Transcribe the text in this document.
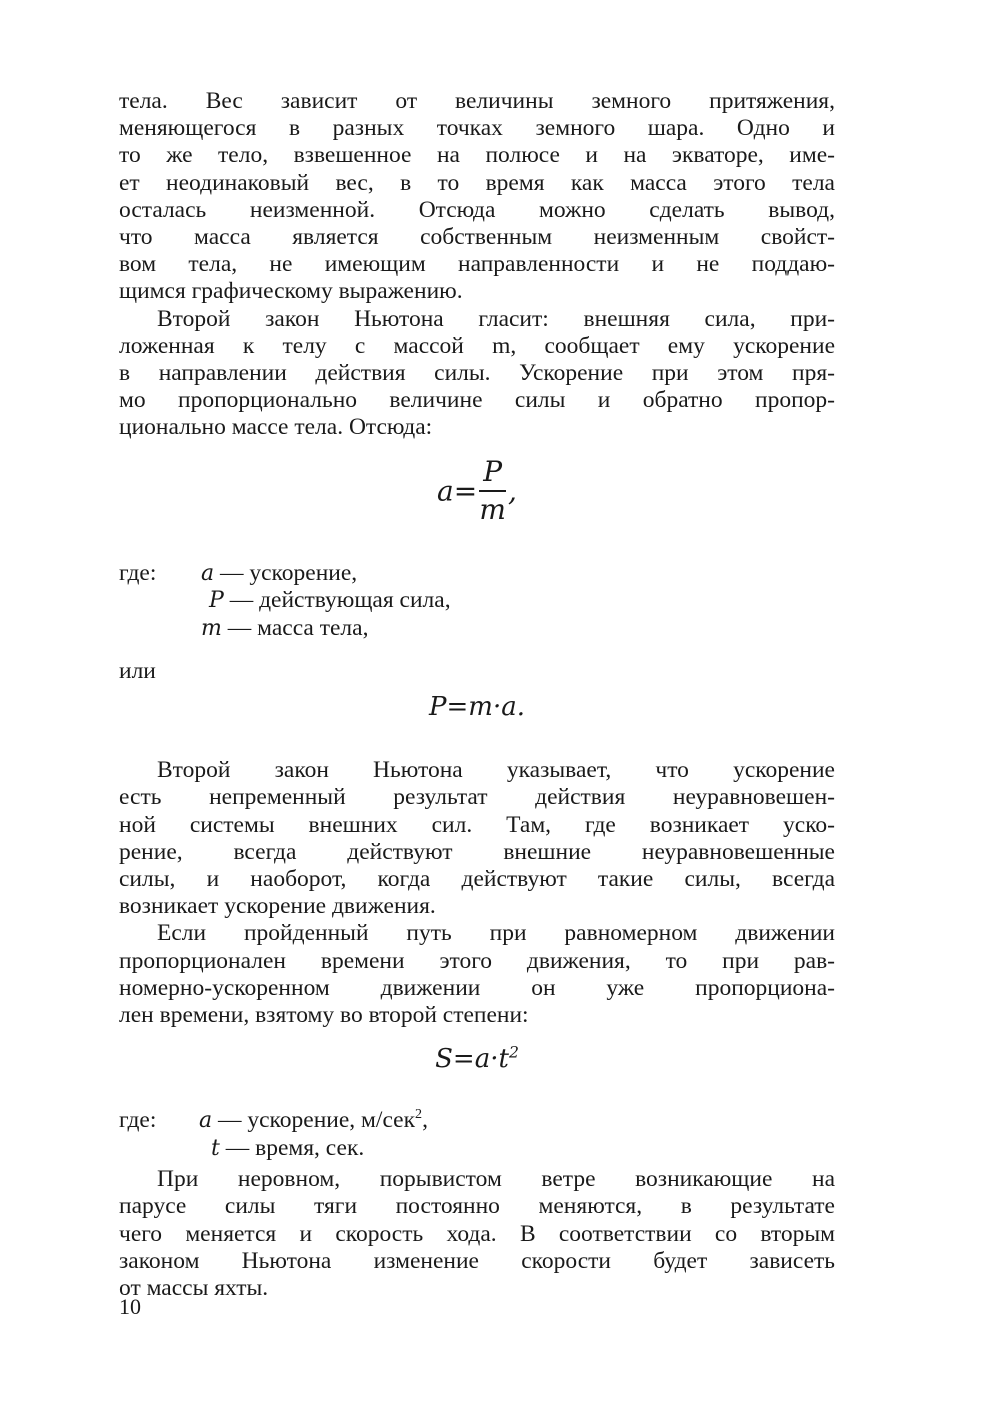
тела. Вес зависит от величины земного притяжения,

меняющегося в разных точках земного шара. Одно и

то же тело, взвешенное на полюсе и на экваторе, име-

ет неодинаковый вес, в то время как масса этого тела

осталась неизменной. Отсюда можно сделать вывод,

что масса является собственным неизменным свойст-

вом тела, не имеющим направленности и не поддаю-

щимся графическому выражению.

Второй закон Ньютона гласит: внешняя сила, при-

ложенная к телу с массой m, сообщает ему ускорение

в направлении действия силы. Ускорение при этом пря-

мо пропорционально величине силы и обратно пропор-

ционально массе тела. Отсюда:

$a= \frac{P}{m}$ ,
где:	a — ускорение,
P — действующая сила,
m — масса тела,
или
P=m·a.

Второй закон Ньютона указывает, что ускорение

есть непременный результат действия неуравновешен-

ной системы внешних сил. Там, где возникает уско-

рение, всегда действуют внешние неуравновешенные

силы, и наоборот, когда действуют такие силы, всегда

возникает ускорение движения.

Если пройденный путь при равномерном движении

пропорционален времени этого движения, то при рав-

номерно-ускоренном движении он уже пропорциона-

лен времени, взятому во второй степени:

$S=a\cdot t^2$
где:	a — ускорение, м/сек$^2$,
t — время, сек.

При неровном, порывистом ветре возникающие на

парусе силы тяги постоянно меняются, в результате

чего меняется и скорость хода. В соответствии со вторым

законом Ньютона изменение скорости будет зависеть

от массы яхты.

10
